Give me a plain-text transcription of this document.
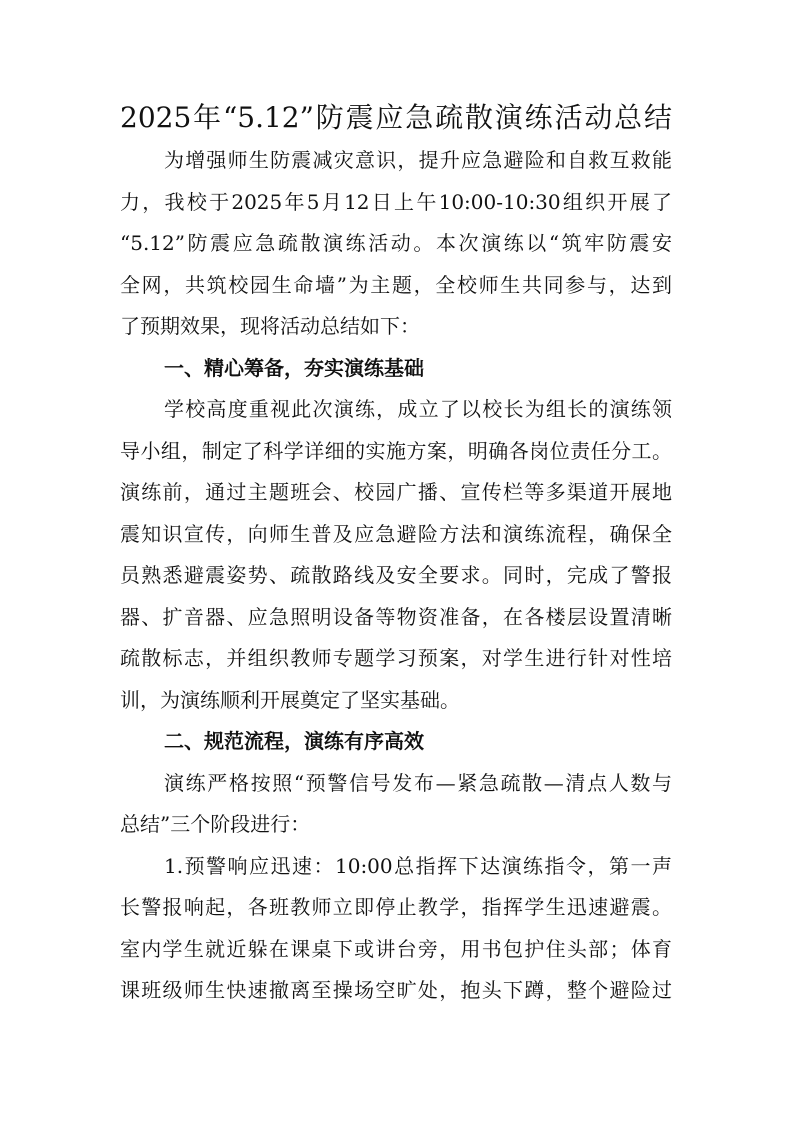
2025年“5.12”防震应急疏散演练活动总结
为增强师生防震减灾意识，提升应急避险和自救互救能
力，我校于2025年5月12日上午10:00-10:30组织开展了
“5.12”防震应急疏散演练活动。本次演练以“筑牢防震安
全网，共筑校园生命墙”为主题，全校师生共同参与，达到
了预期效果，现将活动总结如下：
一、精心筹备，夯实演练基础
学校高度重视此次演练，成立了以校长为组长的演练领
导小组，制定了科学详细的实施方案，明确各岗位责任分工。
演练前，通过主题班会、校园广播、宣传栏等多渠道开展地
震知识宣传，向师生普及应急避险方法和演练流程，确保全
员熟悉避震姿势、疏散路线及安全要求。同时，完成了警报
器、扩音器、应急照明设备等物资准备，在各楼层设置清晰
疏散标志，并组织教师专题学习预案，对学生进行针对性培
训，为演练顺利开展奠定了坚实基础。
二、规范流程，演练有序高效
演练严格按照“预警信号发布—紧急疏散—清点人数与
总结”三个阶段进行：
1.预警响应迅速：10:00总指挥下达演练指令，第一声
长警报响起，各班教师立即停止教学，指挥学生迅速避震。
室内学生就近躲在课桌下或讲台旁，用书包护住头部；体育
课班级师生快速撤离至操场空旷处，抱头下蹲，整个避险过
